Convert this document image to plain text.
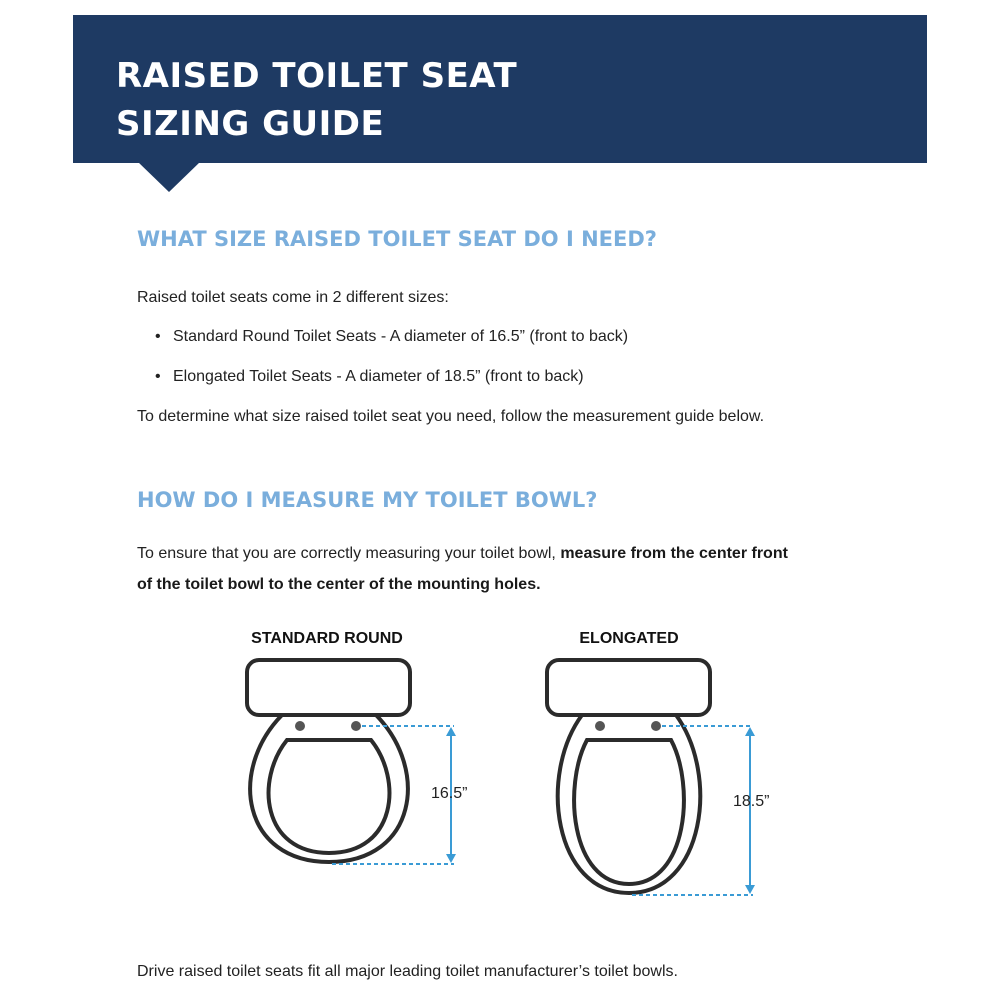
RAISED TOILET SEAT
SIZING GUIDE
WHAT SIZE RAISED TOILET SEAT DO I NEED?

Raised toilet seats come in 2 different sizes:

• Standard Round Toilet Seats - A diameter of 16.5” (front to back)

• Elongated Toilet Seats - A diameter of 18.5” (front to back)

To determine what size raised toilet seat you need, follow the measurement guide below.

HOW DO I MEASURE MY TOILET BOWL?

To ensure that you are correctly measuring your toilet bowl, measure from the center front

of the toilet bowl to the center of the mounting holes.

STANDARD ROUND

16.5”

ELONGATED

18.5”

Drive raised toilet seats fit all major leading toilet manufacturer’s toilet bowls.
